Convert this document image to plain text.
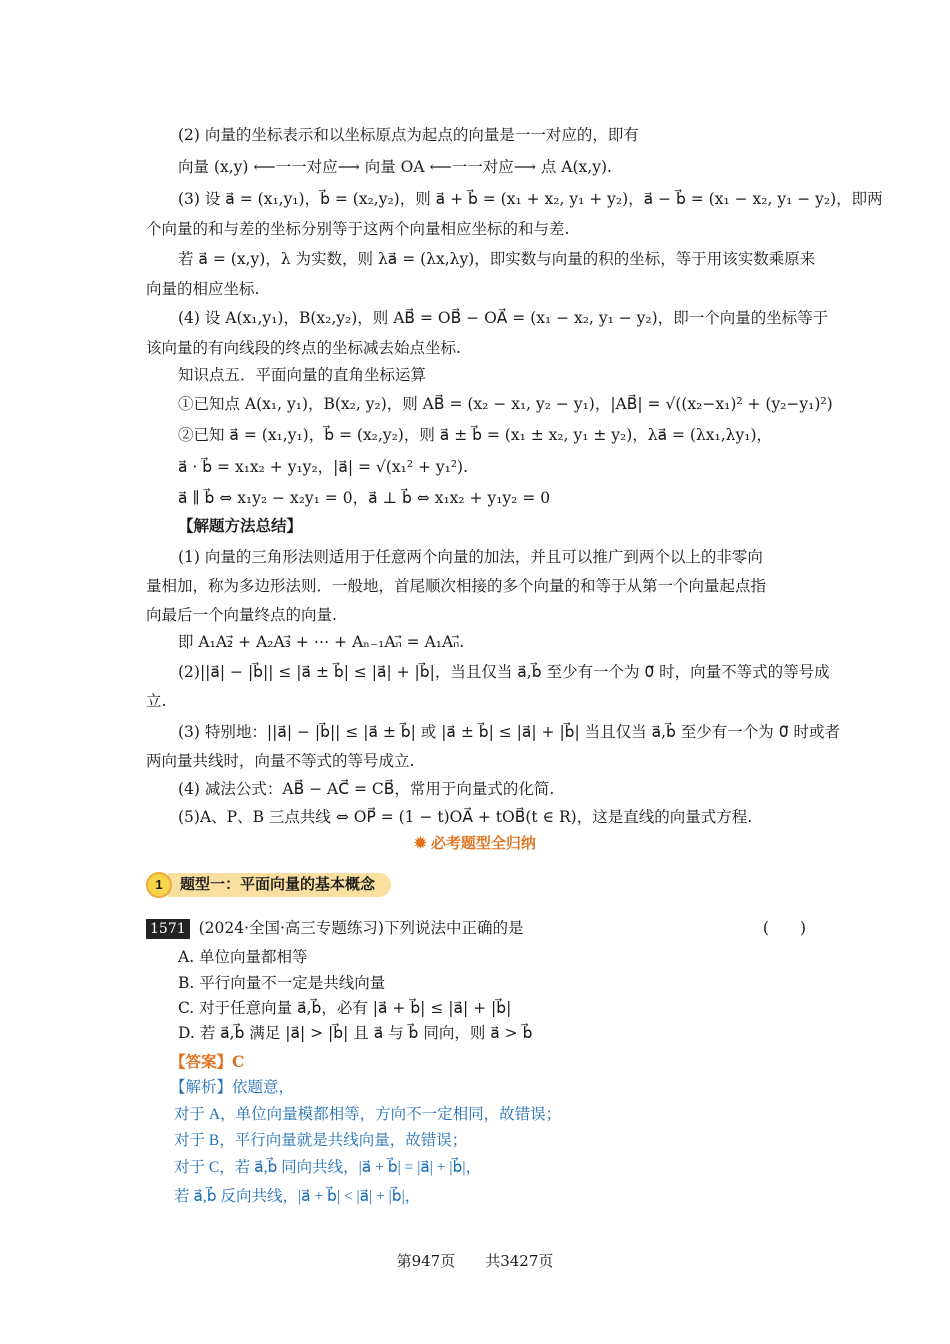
(2) 向量的坐标表示和以坐标原点为起点的向量是一一对应的，即有
向量 (x,y) ⟵一一对应⟶ 向量 OA ⟵一一对应⟶ 点 A(x,y).
(3) 设 a⃗ = (x₁,y₁)，b⃗ = (x₂,y₂)，则 a⃗ + b⃗ = (x₁ + x₂, y₁ + y₂)，a⃗ − b⃗ = (x₁ − x₂, y₁ − y₂)，即两
个向量的和与差的坐标分别等于这两个向量相应坐标的和与差.
若 a⃗ = (x,y)，λ 为实数，则 λa⃗ = (λx,λy)，即实数与向量的积的坐标，等于用该实数乘原来
向量的相应坐标.
(4) 设 A(x₁,y₁)，B(x₂,y₂)，则 AB⃗ = OB⃗ − OA⃗ = (x₁ − x₂, y₁ − y₂)，即一个向量的坐标等于
该向量的有向线段的终点的坐标减去始点坐标.
知识点五．平面向量的直角坐标运算
①已知点 A(x₁, y₁)，B(x₂, y₂)，则 AB⃗ = (x₂ − x₁, y₂ − y₁)，|AB⃗| = √((x₂−x₁)² + (y₂−y₁)²)
②已知 a⃗ = (x₁,y₁)，b⃗ = (x₂,y₂)，则 a⃗ ± b⃗ = (x₁ ± x₂, y₁ ± y₂)，λa⃗ = (λx₁,λy₁)，
a⃗ · b⃗ = x₁x₂ + y₁y₂，|a⃗| = √(x₁² + y₁²).
a⃗ ∥ b⃗ ⇔ x₁y₂ − x₂y₁ = 0，a⃗ ⊥ b⃗ ⇔ x₁x₂ + y₁y₂ = 0
【解题方法总结】
(1) 向量的三角形法则适用于任意两个向量的加法，并且可以推广到两个以上的非零向
量相加，称为多边形法则．一般地，首尾顺次相接的多个向量的和等于从第一个向量起点指
向最后一个向量终点的向量.
即 A₁A₂⃗ + A₂A₃⃗ + ⋯ + Aₙ₋₁Aₙ⃗ = A₁Aₙ⃗.
(2)||a⃗| − |b⃗|| ≤ |a⃗ ± b⃗| ≤ |a⃗| + |b⃗|，当且仅当 a⃗,b⃗ 至少有一个为 0⃗ 时，向量不等式的等号成
立.
(3) 特别地：||a⃗| − |b⃗|| ≤ |a⃗ ± b⃗| 或 |a⃗ ± b⃗| ≤ |a⃗| + |b⃗| 当且仅当 a⃗,b⃗ 至少有一个为 0⃗ 时或者
两向量共线时，向量不等式的等号成立.
(4) 减法公式：AB⃗ − AC⃗ = CB⃗，常用于向量式的化简.
(5)A、P、B 三点共线 ⇔ OP⃗ = (1 − t)OA⃗ + tOB⃗(t ∈ R)，这是直线的向量式方程.
✹ 必考题型全归纳
题型一：平面向量的基本概念
1
1571 (2024·全国·高三专题练习)下列说法中正确的是	(　　)
A. 单位向量都相等
B. 平行向量不一定是共线向量
C. 对于任意向量 a⃗,b⃗，必有 |a⃗ + b⃗| ≤ |a⃗| + |b⃗|
D. 若 a⃗,b⃗ 满足 |a⃗| > |b⃗| 且 a⃗ 与 b⃗ 同向，则 a⃗ > b⃗
【答案】C
【解析】依题意，
对于 A，单位向量模都相等，方向不一定相同，故错误；
对于 B，平行向量就是共线向量，故错误；
对于 C，若 a⃗,b⃗ 同向共线，|a⃗ + b⃗| = |a⃗| + |b⃗|，
若 a⃗,b⃗ 反向共线，|a⃗ + b⃗| < |a⃗| + |b⃗|，
第947页　　共3427页
